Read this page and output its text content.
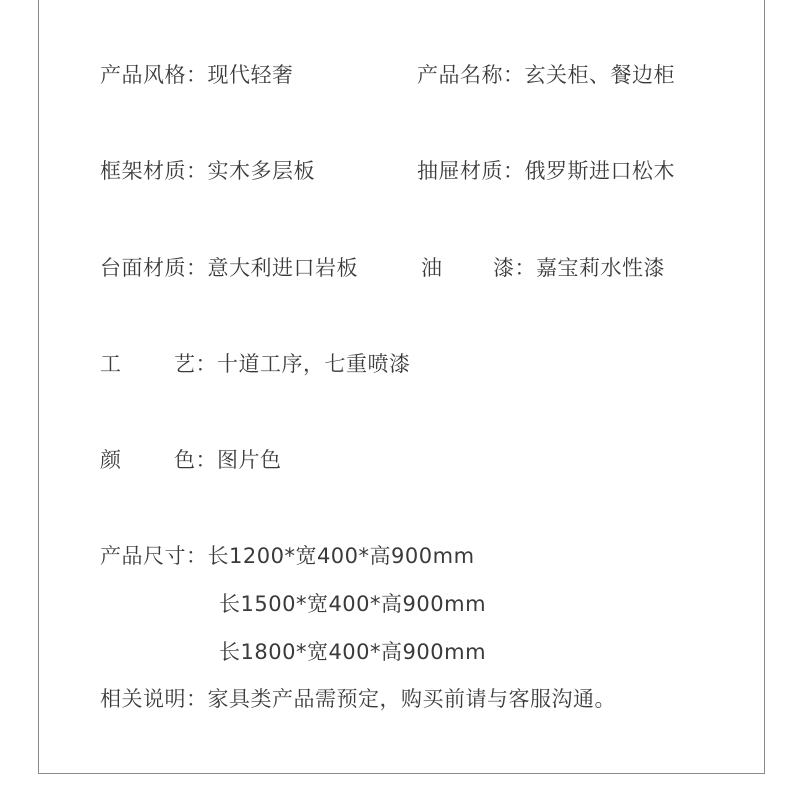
产品风格：现代轻奢	产品名称：玄关柜、餐边柜
框架材质：实木多层板	抽屉材质：俄罗斯进口松木
台面材质：意大利进口岩板	油 漆：嘉宝莉水性漆
工	艺：十道工序，七重喷漆
颜	色：图片色
产品尺寸：长1200*宽400*高900mm
长1500*宽400*高900mm
长1800*宽400*高900mm
相关说明：家具类产品需预定，购买前请与客服沟通。
